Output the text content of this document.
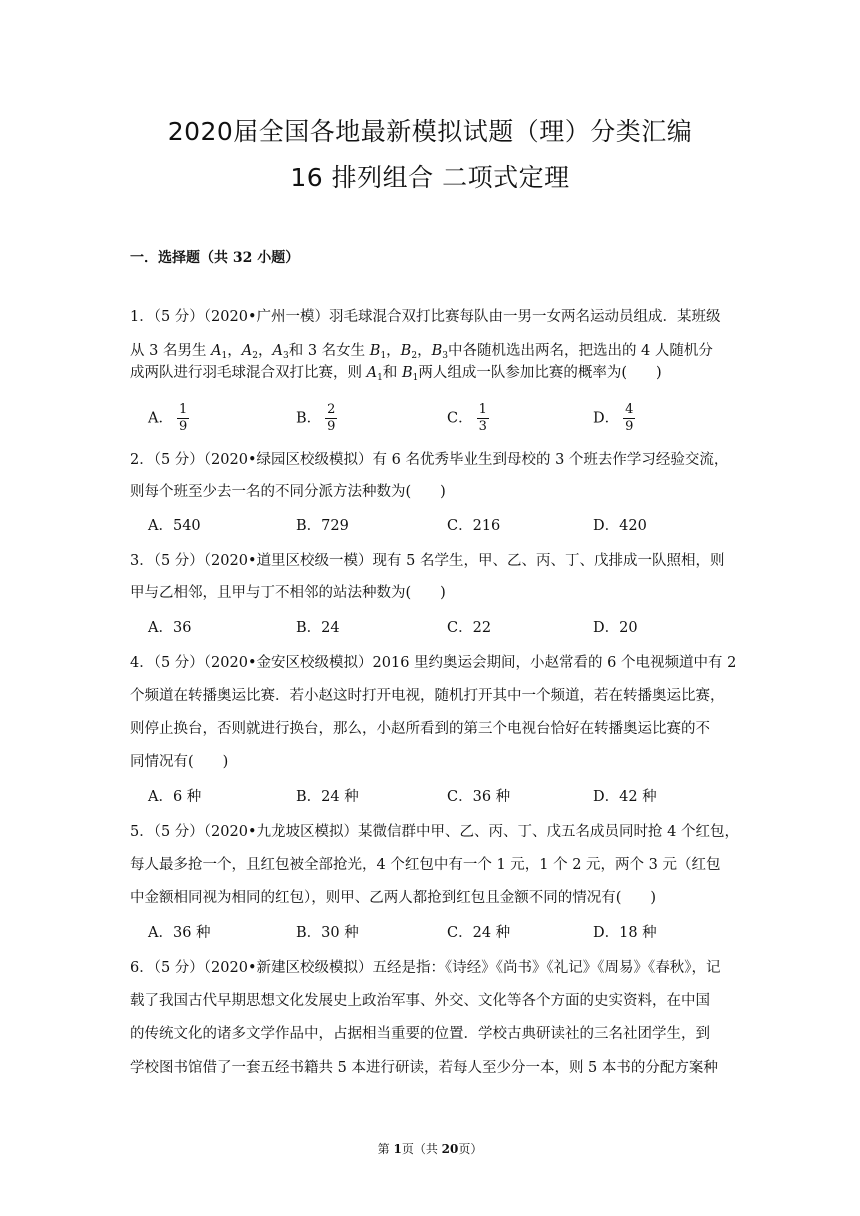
2020届全国各地最新模拟试题（理）分类汇编
16 排列组合 二项式定理
一．选择题（共 32 小题）
1．（5 分）（2020•广州一模）羽毛球混合双打比赛每队由一男一女两名运动员组成．某班级
从 3 名男生 $A_1$，$A_2$，$A_3$和 3 名女生 $B_1$，$B_2$，$B_3$中各随机选出两名，把选出的 4 人随机分
成两队进行羽毛球混合双打比赛，则 $A_1$和 $B_1$两人组成一队参加比赛的概率为(　　)
A． $\frac{1}{9}$	B． $\frac{2}{9}$	C． $\frac{1}{3}$	D． $\frac{4}{9}$
2．（5 分）（2020•绿园区校级模拟）有 6 名优秀毕业生到母校的 3 个班去作学习经验交流，
则每个班至少去一名的不同分派方法种数为(　　)
A．540	B．729	C．216	D．420
3．（5 分）（2020•道里区校级一模）现有 5 名学生，甲、乙、丙、丁、戊排成一队照相，则
甲与乙相邻，且甲与丁不相邻的站法种数为(　　)
A．36	B．24	C．22	D．20
4．（5 分）（2020•金安区校级模拟）2016 里约奥运会期间，小赵常看的 6 个电视频道中有 2
个频道在转播奥运比赛．若小赵这时打开电视，随机打开其中一个频道，若在转播奥运比赛，
则停止换台，否则就进行换台，那么，小赵所看到的第三个电视台恰好在转播奥运比赛的不
同情况有(　　)
A．6 种	B．24 种	C．36 种	D．42 种
5．（5 分）（2020•九龙坡区模拟）某微信群中甲、乙、丙、丁、戊五名成员同时抢 4 个红包，
每人最多抢一个，且红包被全部抢光，4 个红包中有一个 1 元，1 个 2 元，两个 3 元（红包
中金额相同视为相同的红包），则甲、乙两人都抢到红包且金额不同的情况有(　　)
A．36 种	B．30 种	C．24 种	D．18 种
6．（5 分）（2020•新建区校级模拟）五经是指：《诗经》《尚书》《礼记》《周易》《春秋》，记
载了我国古代早期思想文化发展史上政治军事、外交、文化等各个方面的史实资料，在中国
的传统文化的诸多文学作品中，占据相当重要的位置．学校古典研读社的三名社团学生，到
学校图书馆借了一套五经书籍共 5 本进行研读，若每人至少分一本，则 5 本书的分配方案种
第 1页（共 20页）
